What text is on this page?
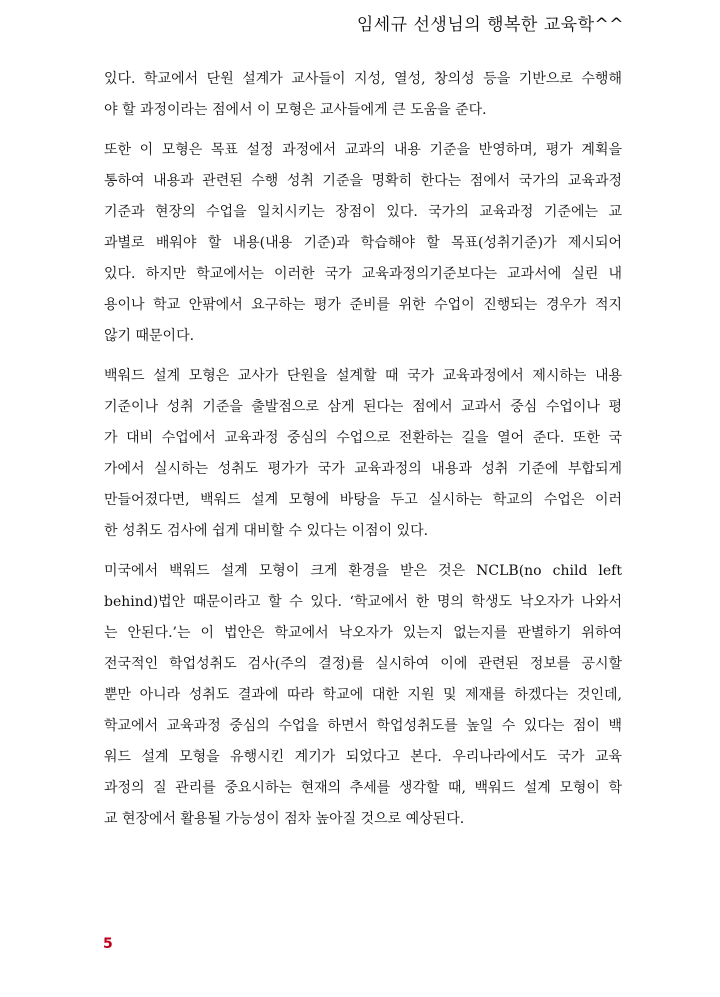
임세규 선생님의 행복한 교육학^^

있다. 학교에서 단원 설계가 교사들이 지성, 열성, 창의성 등을 기반으로 수행해
야 할 과정이라는 점에서 이 모형은 교사들에게 큰 도움을 준다.

또한 이 모형은 목표 설정 과정에서 교과의 내용 기준을 반영하며, 평가 계획을
통하여 내용과 관련된 수행 성취 기준을 명확히 한다는 점에서 국가의 교육과정
기준과 현장의 수업을 일치시키는 장점이 있다. 국가의 교육과정 기준에는 교
과별로 배워야 할 내용(내용 기준)과 학습해야 할 목표(성취기준)가 제시되어
있다. 하지만 학교에서는 이러한 국가 교육과정의기준보다는 교과서에 실린 내
용이나 학교 안팎에서 요구하는 평가 준비를 위한 수업이 진행되는 경우가 적지
않기 때문이다.

백워드 설계 모형은 교사가 단원을 설계할 때 국가 교육과정에서 제시하는 내용
기준이나 성취 기준을 출발점으로 삼게 된다는 점에서 교과서 중심 수업이나 평
가 대비 수업에서 교육과정 중심의 수업으로 전환하는 길을 열어 준다. 또한 국
가에서 실시하는 성취도 평가가 국가 교육과정의 내용과 성취 기준에 부합되게
만들어졌다면, 백워드 설계 모형에 바탕을 두고 실시하는 학교의 수업은 이러
한 성취도 검사에 쉽게 대비할 수 있다는 이점이 있다.

미국에서 백워드 설계 모형이 크게 환경을 받은 것은 NCLB(no child left
behind)법안 때문이라고 할 수 있다. ‘학교에서 한 명의 학생도 낙오자가 나와서
는 안된다.’는 이 법안은 학교에서 낙오자가 있는지 없는지를 판별하기 위하여
전국적인 학업성취도 검사(주의 결정)를 실시하여 이에 관련된 정보를 공시할
뿐만 아니라 성취도 결과에 따라 학교에 대한 지원 및 제재를 하겠다는 것인데,
학교에서 교육과정 중심의 수업을 하면서 학업성취도를 높일 수 있다는 점이 백
워드 설계 모형을 유행시킨 계기가 되었다고 본다. 우리나라에서도 국가 교육
과정의 질 관리를 중요시하는 현재의 추세를 생각할 때, 백워드 설계 모형이 학
교 현장에서 활용될 가능성이 점차 높아질 것으로 예상된다.

5
